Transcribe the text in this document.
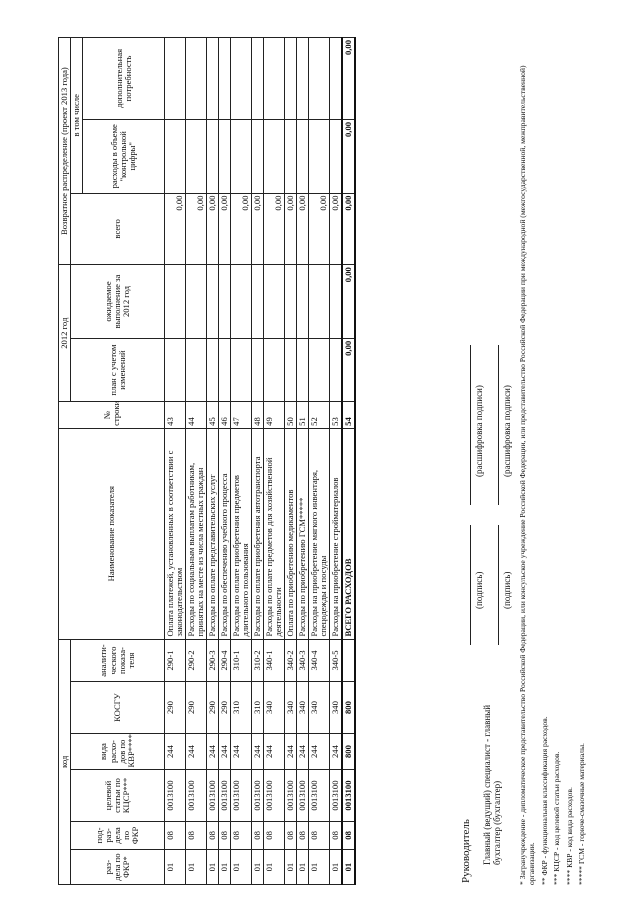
код						Наименование показателя	№ строки	2012 год		Возвратное распределение (проект 2013 года)		
раз-дела по ФКР*	под-раз-дела по ФКР	целевой статьи по КЦСР***	вида расхо-дов по КВР****	КОСГУ	аналити-ческого показа-теля			план с учетом изменений	ожидаемое выполнение за 2012 год	всего	в том числе	
											расходы в объеме "контрольной цифры"	дополнительная потребность
01	08	0013100	244	290	290-1	Оплата платежей, установленных в соответствии с законодательством	43			0,00		
01	08	0013100	244	290	290-2	Расходы по социальным выплатам работникам, принятых на месте из числа местных граждан	44			0,00		
01	08	0013100	244	290	290-3	Расходы по оплате представительских услуг	45			0,00		
01	08	0013100	244	290	290-4	Расходы по обеспечению учебного процесса	46			0,00		
01	08	0013100	244	310	310-1	Расходы по оплате приобретения предметов длительного пользования	47			0,00		
01	08	0013100	244	310	310-2	Расходы по оплате приобретения автотранспорта	48			0,00		
01	08	0013100	244	340	340-1	Расходы по оплате предметов для хозяйственной деятельности	49			0,00		
01	08	0013100	244	340	340-2	Оплата по приобретению медикаментов	50			0,00		
01	08	0013100	244	340	340-3	Расходы по приобретению ГСМ*****	51			0,00		
01	08	0013100	244	340	340-4	Расходы на приобретение мягкого инвентаря, спецодежды и посуды	52			0,00		
01	08	0013100	244	340	340-5	Расходы на приобретение стройматериалов	53			0,00		
01	08	0013100	800	800		ВСЕГО РАСХОДОВ	54	0,00	0,00	0,00	0,00	0,00
Руководитель
(подпись)
(расшифровка подписи)
Главный (ведущий) специалист - главный бухгалтер (бухгалтер)
(подпись)
(расшифровка подписи) * Загранучреждение - дипломатическое представительство Российской Федерации, или консульское учреждение Российской Федерации, или представительство Российской Федерации при международной (межгосударственной, межправительственной) организации. ** ФКР - функциональная классификация расходов. *** КЦСР - код целевой статьи расходов. **** КВР - код вида расходов. ***** ГСМ - горюче-смазочные материалы.
